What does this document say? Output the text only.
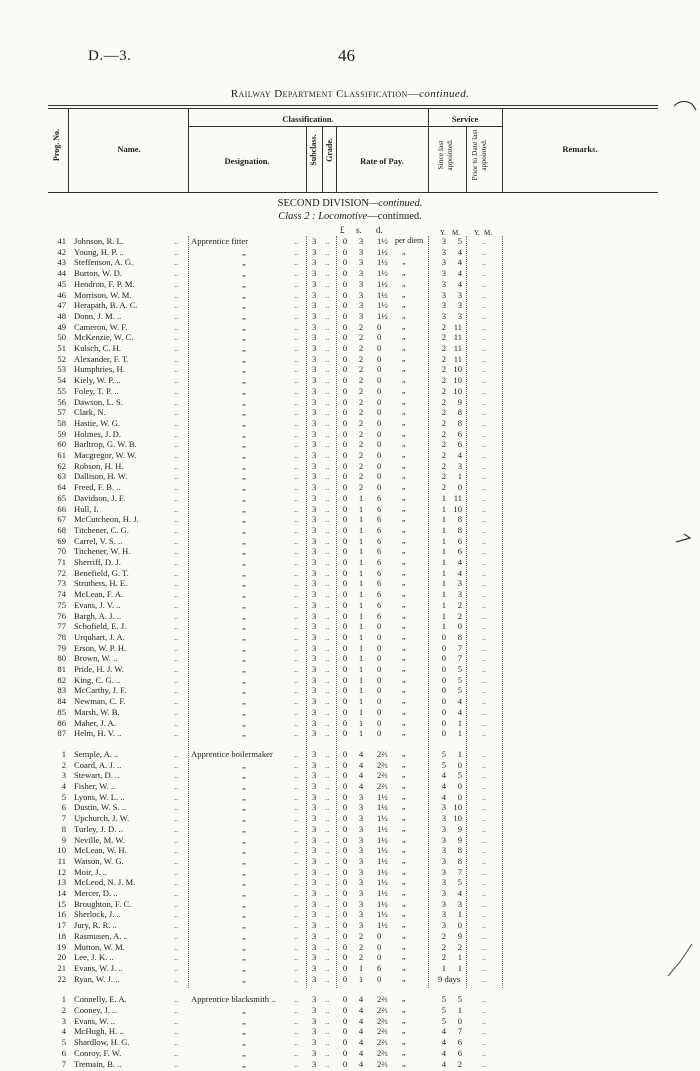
D.—3.	46
Railway Department Classification—continued.
Prog. No.	Name.
Classification.
Designation.	Subclass. Grade.	Rate of Pay.
Service
Since last appointed. Prior to Date last appointed.	Remarks.
SECOND DIVISION—continued.
Class 2 : Locomotive—continued.
£ s. d.	Y. M. Y. M.
41 Johnson, R. L.	.. Apprentice fitter	.. 3 .. 0 3 1½ per diem	3	5 ..
42 Young, H. P. ..	..	„	.. 3 .. 0 3 1½ „	3	4 ..
43 Steffenson, A. G.	..	„	.. 3 .. 0 3 1½ „	3	4 ..
44 Burton, W. D.	..	„	.. 3 .. 0 3 1½ „	3	4 ..
45 Hendron, F. P. M.	..	„	.. 3 .. 0 3 1½ „	3	4 ..
46 Morrison, W. M.	..	„	.. 3 .. 0 3 1½ „	3	3 ..
47 Herapath, B. A. C.	..	„	.. 3 .. 0 3 1½ „	3	3 ..
48 Donn, J. M. ..	..	„	.. 3 .. 0 3 1½ „	3	3 ..
49 Cameron, W. F.	..	„	.. 3 .. 0 2 0	„	2 11 ..
50 McKenzie, W. C.	..	„	.. 3 .. 0 2 0	„	2 11 ..
51 Kulsch, C. H.	..	„	.. 3 .. 0 2 0	„	2 11 ..
52 Alexander, F. T.	..	„	.. 3 .. 0 2 0	„	2 11 ..
53 Humphries, H.	..	„	.. 3 .. 0 2 0	„	2 10 ..
54 Kiely, W. P. ..	..	„	.. 3 .. 0 2 0	„	2 10 ..
55 Foley, T. P. ..	..	„	.. 3 .. 0 2 0	„	2 10 ..
56 Dawson, L. S.	..	„	.. 3 .. 0 2 0	„	2	9 ..
57 Clark, N.	..	„	.. 3 .. 0 2 0	„	2	8 ..
58 Hastie, W. G.	..	„	.. 3 .. 0 2 0	„	2	8 ..
59 Holmes, J. D.	..	„	.. 3 .. 0 2 0	„	2	6 ..
60 Barltrop, G. W. B.	..	„	.. 3 .. 0 2 0	„	2	6 ..
61 Macgregor, W. W.	..	„	.. 3 .. 0 2 0	„	2	4 ..
62 Robson, H. H.	..	„	.. 3 .. 0 2 0	„	2	3 ..
63 Dallison, H. W.	..	„	.. 3 .. 0 2 0	„	2	1 ..
64 Freed, F. B. ..	..	„	.. 3 .. 0 2 0	„	2	0 ..
65 Davidson, J. F.	..	„	.. 3 .. 0 1 6	„	1 11 ..
66 Hull, I.	..	„	.. 3 .. 0 1 6	„	1 10 ..
67 McCutcheon, H. J.	..	„	.. 3 .. 0 1 6	„	1	8 ..
68 Titchener, C. G.	..	„	.. 3 .. 0 1 6	„	1	8 ..
69 Carrel, V. S. ..	..	„	.. 3 .. 0 1 6	„	1	6 ..
70 Titchener, W. H.	..	„	.. 3 .. 0 1 6	„	1	6 ..
71 Sherriff, D. J.	..	„	.. 3 .. 0 1 6	„	1	4 ..
72 Benefield, G. T.	..	„	.. 3 .. 0 1 6	„	1	4 ..
73 Struthers, H. E.	..	„	.. 3 .. 0 1 6	„	1	3 ..
74 McLean, F. A.	..	„	.. 3 .. 0 1 6	„	1	3 ..
75 Evans, J. V. ..	..	„	.. 3 .. 0 1 6	„	1	2 ..
76 Bargh, A. J. ..	..	„	.. 3 .. 0 1 6	„	1	2 ..
77 Schofield, E. J.	..	„	.. 3 .. 0 1 0	„	1	0 ..
78 Urquhart, J. A.	..	„	.. 3 .. 0 1 0	„	0	8 ..
79 Erson, W. P. H.	..	„	.. 3 .. 0 1 0	„	0	7 ..
80 Brown, W. ..	..	„	.. 3 .. 0 1 0	„	0	7 ..
81 Pride, H. J. W.	..	„	.. 3 .. 0 1 0	„	0	5 ..
82 King, C. G. ..	..	„	.. 3 .. 0 1 0	„	0	5 ..
83 McCarthy, J. F.	..	„	.. 3 .. 0 1 0	„	0	5 ..
84 Newman, C. F.	..	„	.. 3 .. 0 1 0	„	0	4 ..
85 Marsh, W. B.	..	„	.. 3 .. 0 1 0	„	0	4 ..
86 Maher, J. A.	..	„	.. 3 .. 0 1 0	„	0	1 ..
87 Helm, H. V. ..	..	„	.. 3 .. 0 1 0	„	0	1 ..
1 Semple, A. ..	.. Apprentice boilermaker .. 3 .. 0 4 2⅔ „	5	1 ..
2 Coard, A. J. ..	..	„	.. 3 .. 0 4 2⅔ „	5	0 ..
3 Stewart, D. ..	..	„	.. 3 .. 0 4 2⅔ „	4	5 ..
4 Fisher, W. ..	..	„	.. 3 .. 0 4 2⅔ „	4	0 ..
5 Lyons, W. L. ..	..	„	.. 3 .. 0 3 1½ „	4	0 ..
6 Dustin, W. S. ..	..	„	.. 3 .. 0 3 1½ „	3 10 ..
7 Upchurch, J. W.	..	„	.. 3 .. 0 3 1½ „	3 10 ..
8 Turley, J. D. ..	..	„	.. 3 .. 0 3 1½ „	3	9 ..
9 Neville, M. W.	..	„	.. 3 .. 0 3 1½ „	3	9 ..
10 McLean, W. H.	..	„	.. 3 .. 0 3 1½ „	3	8 ..
11 Watson, W. G.	..	„	.. 3 .. 0 3 1½ „	3	8 ..
12 Moir, J. ..	..	„	.. 3 .. 0 3 1½ „	3	7 ..
13 McLeod, N. J. M.	..	„	.. 3 .. 0 3 1½ „	3	5 ..
14 Mercer, D. ..	..	„	.. 3 .. 0 3 1½ „	3	4 ..
15 Broughton, F. C.	..	„	.. 3 .. 0 3 1½ „	3	3 ..
16 Sherlock, J. ..	..	„	.. 3 .. 0 3 1½ „	3	1 ..
17 Jury, R. R. ..	..	„	.. 3 .. 0 3 1½ „	3	0 ..
18 Rasmusen, A. ..	..	„	.. 3 .. 0 2 0	„	2	9 ..
19 Mutton, W. M.	..	„	.. 3 .. 0 2 0	„	2	2 ..
20 Lee, J. K. ..	..	„	.. 3 .. 0 2 0	„	2	1 ..
21 Evans, W. J. ..	..	„	.. 3 .. 0 1 6	„	1	1 ..
22 Ryan, W. J. ..	..	„	.. 3 .. 0 1 0	„	9 days	..
1 Connelly, E. A.	.. Apprentice blacksmith .. .. 3 .. 0 4 2⅔ „	5	5 ..
2 Cooney, J. ..	..	„	.. 3 .. 0 4 2⅔ „	5	1 ..
3 Evans, W. ..	..	„	.. 3 .. 0 4 2⅔ „	5	0 ..
4 McHugh, H. ..	..	„	.. 3 .. 0 4 2⅔ „	4	7 ..
5 Shardlow, H. G.	..	„	.. 3 .. 0 4 2⅔ „	4	6 ..
6 Conroy, F. W.	..	„	.. 3 .. 0 4 2⅔ „	4	6 ..
7 Tremain, B. ..	..	„	.. 3 .. 0 4 2⅔ „	4	2 ..
